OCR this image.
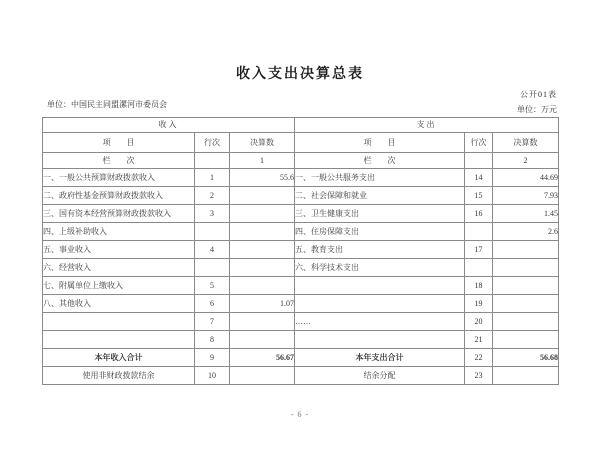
收入支出决算总表
公开01表
单位：中国民主同盟漯河市委员会
单位：万元
收入			支出		
项　　目	行次	决算数	项　　目	行次	决算数
栏　　次		1	栏　　次		2
一、一般公共预算财政拨款收入	1	55.6	一、一般公共服务支出	14	44.69
二、政府性基金预算财政拨款收入	2		二、社会保障和就业	15	7.93
三、国有资本经营预算财政拨款收入	3		三、卫生健康支出	16	1.45
四、上级补助收入			四、住房保障支出		2.6
五、事业收入	4		五、教育支出	17	
六、经营收入			六、科学技术支出		
七、附属单位上缴收入	5			18	
八、其他收入	6	1.07		19	
	7		……	20	
	8			21	
本年收入合计	9	56.67	本年支出合计	22	56.68
使用非财政拨款结余	10		结余分配	23	
- 6 -
